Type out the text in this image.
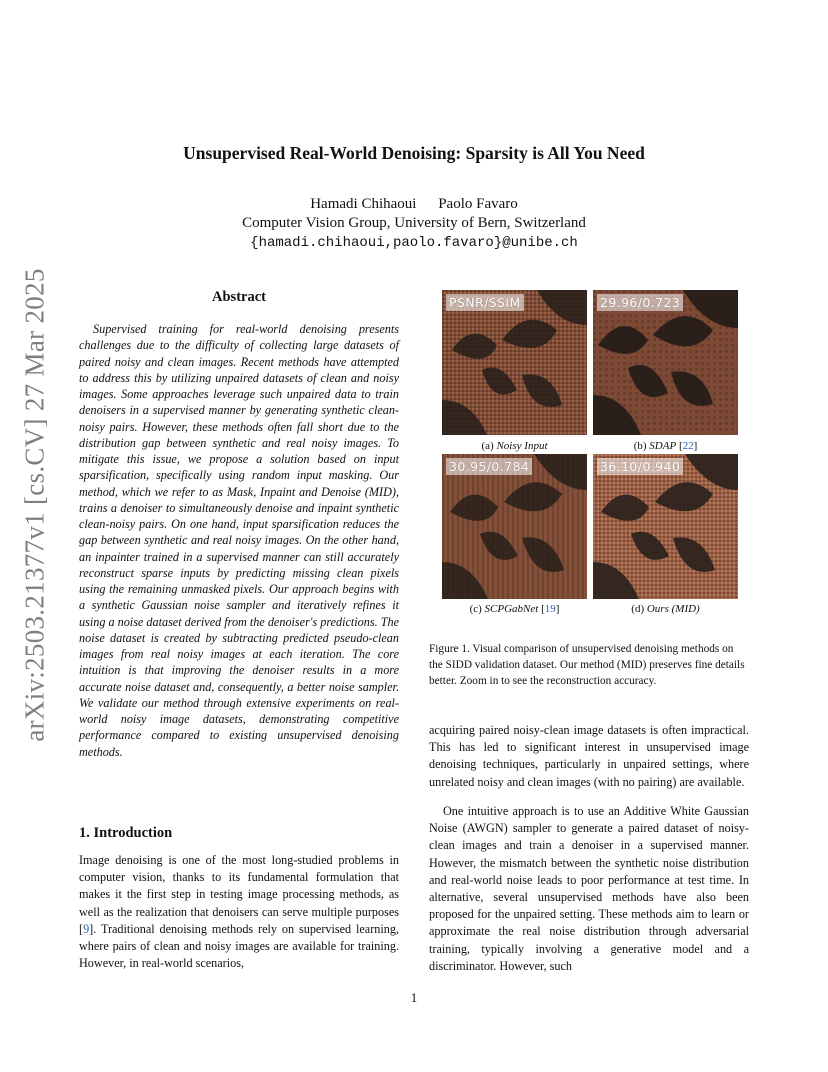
arXiv:2503.21377v1 [cs.CV] 27 Mar 2025
Unsupervised Real-World Denoising: Sparsity is All You Need
Hamadi Chihaoui Paolo Favaro
Computer Vision Group, University of Bern, Switzerland
{hamadi.chihaoui,paolo.favaro}@unibe.ch
Abstract

Supervised training for real-world denoising presents challenges due to the difficulty of collecting large datasets of paired noisy and clean images. Recent methods have attempted to address this by utilizing unpaired datasets of clean and noisy images. Some approaches leverage such unpaired data to train denoisers in a supervised manner by generating synthetic clean-noisy pairs. However, these methods often fall short due to the distribution gap between synthetic and real noisy images. To mitigate this issue, we propose a solution based on input sparsification, specifically using random input masking. Our method, which we refer to as Mask, Inpaint and Denoise (MID), trains a denoiser to simultaneously denoise and inpaint synthetic clean-noisy pairs. On one hand, input sparsification reduces the gap between synthetic and real noisy images. On the other hand, an inpainter trained in a supervised manner can still accurately reconstruct sparse inputs by predicting missing clean pixels using the remaining unmasked pixels. Our approach begins with a synthetic Gaussian noise sampler and iteratively refines it using a noise dataset derived from the denoiser's predictions. The noise dataset is created by subtracting predicted pseudo-clean images from real noisy images at each iteration. The core intuition is that improving the denoiser results in a more accurate noise dataset and, consequently, a better noise sampler. We validate our method through extensive experiments on real-world noisy image datasets, demonstrating competitive performance compared to existing unsupervised denoising methods.

1. Introduction

Image denoising is one of the most long-studied problems in computer vision, thanks to its fundamental formulation that makes it the first step in testing image processing methods, as well as the realization that denoisers can serve multiple purposes [9]. Traditional denoising methods rely on supervised learning, where pairs of clean and noisy images are available for training. However, in real-world scenarios,

PSNR/SSIM
(a) Noisy Input
29.96/0.723
(b) SDAP [22]
30.95/0.784
(c) SCPGabNet [19]
36.10/0.940
(d) Ours (MID)

Figure 1. Visual comparison of unsupervised denoising methods on the SIDD validation dataset. Our method (MID) preserves fine details better. Zoom in to see the reconstruction accuracy.

acquiring paired noisy-clean image datasets is often impractical. This has led to significant interest in unsupervised image denoising techniques, particularly in unpaired settings, where unrelated noisy and clean images (with no pairing) are available.

One intuitive approach is to use an Additive White Gaussian Noise (AWGN) sampler to generate a paired dataset of noisy-clean images and train a denoiser in a supervised manner. However, the mismatch between the synthetic noise distribution and real-world noise leads to poor performance at test time. In alternative, several unsupervised methods have also been proposed for the unpaired setting. These methods aim to learn or approximate the real noise distribution through adversarial training, typically involving a generative model and a discriminator. However, such

1
